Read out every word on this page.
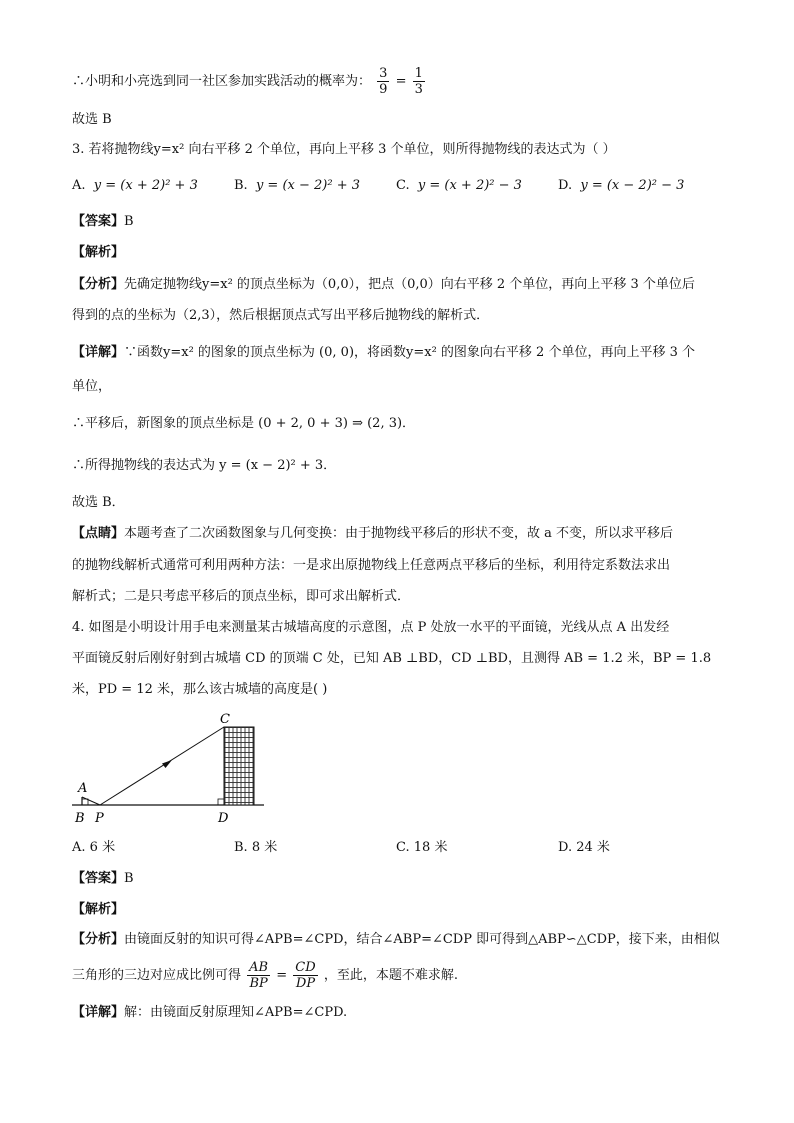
∴小明和小亮选到同一社区参加实践活动的概率为： $\frac{3}{9} = \frac{1}{3}$
故选 B
3. 若将抛物线y=x² 向右平移 2 个单位，再向上平移 3 个单位，则所得抛物线的表达式为（ ）
A. y = (x + 2)² + 3	B. y = (x − 2)² + 3	C. y = (x + 2)² − 3	D. y = (x − 2)² − 3
【答案】B
【解析】
【分析】先确定抛物线y=x² 的顶点坐标为（0,0），把点（0,0）向右平移 2 个单位，再向上平移 3 个单位后
得到的点的坐标为（2,3），然后根据顶点式写出平移后抛物线的解析式．
【详解】∵函数y=x² 的图象的顶点坐标为 (0, 0)，将函数y=x² 的图象向右平移 2 个单位，再向上平移 3 个
单位，
∴平移后，新图象的顶点坐标是 (0 + 2, 0 + 3) ⇒ (2, 3)．
∴所得抛物线的表达式为 y = (x − 2)² + 3．
故选 B．
【点睛】本题考查了二次函数图象与几何变换：由于抛物线平移后的形状不变，故 a 不变，所以求平移后
的抛物线解析式通常可利用两种方法：一是求出原抛物线上任意两点平移后的坐标，利用待定系数法求出
解析式；二是只考虑平移后的顶点坐标，即可求出解析式．
4. 如图是小明设计用手电来测量某古城墙高度的示意图，点 P 处放一水平的平面镜，光线从点 A 出发经
平面镜反射后刚好射到古城墙 CD 的顶端 C 处，已知 AB ⊥BD，CD ⊥BD，且测得 AB = 1.2 米，BP = 1.8
米，PD = 12 米，那么该古城墙的高度是( )
A
B P
C
D
A. 6 米	B. 8 米	C. 18 米	D. 24 米
【答案】B
【解析】
【分析】由镜面反射的知识可得∠APB=∠CPD，结合∠ABP=∠CDP 即可得到△ABP∽△CDP，接下来，由相似
三角形的三边对应成比例可得 $\frac{AB}{BP} = \frac{CD}{DP}$ ，至此，本题不难求解.
【详解】解：由镜面反射原理知∠APB=∠CPD.
